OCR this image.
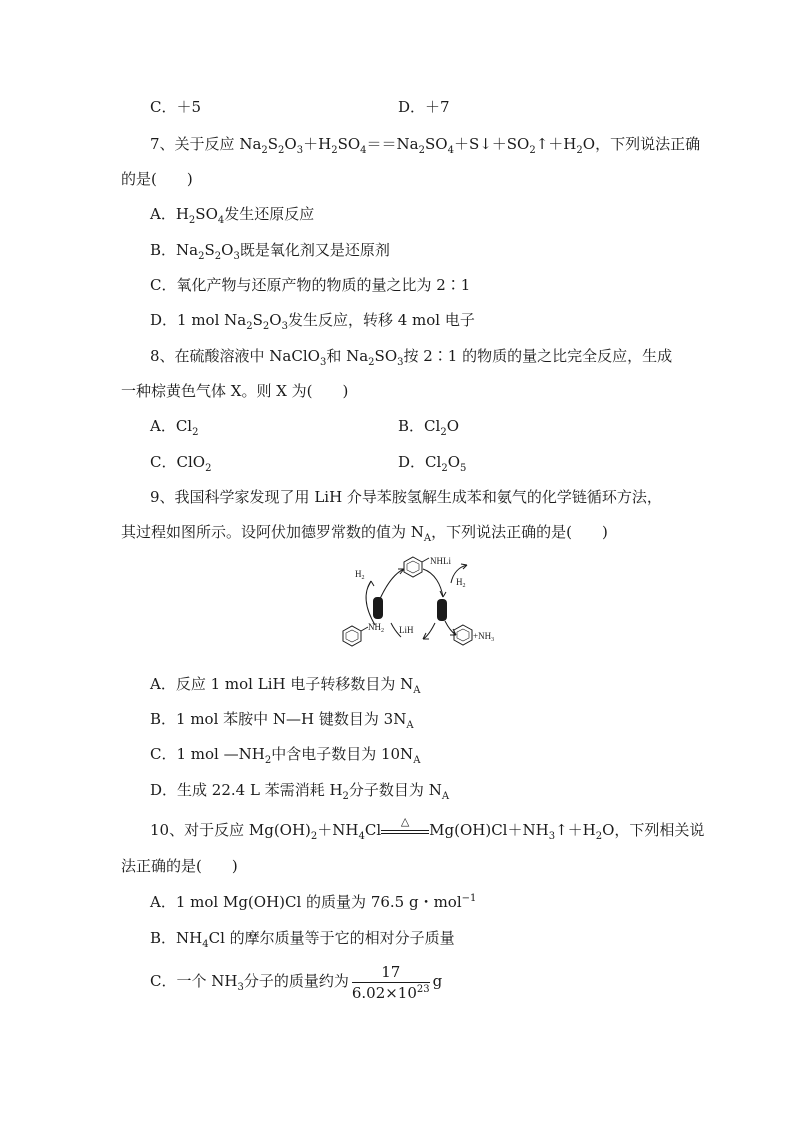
C．＋5	D．＋7
7、关于反应 $Na_2S_2O_3+H_2SO_4==Na_2SO_4+S↓+SO_2↑+H_2O$，下列说法正确
的是( )
A．$H_2SO_4$发生还原反应
B．$Na_2S_2O_3$既是氧化剂又是还原剂
C．氧化产物与还原产物的物质的量之比为 2∶1
D．1 mol $Na_2S_2O_3$发生反应，转移 4 mol 电子
8、在硫酸溶液中 NaClO$_3$和 $Na_2SO_3$按 2∶1 的物质的量之比完全反应，生成
一种棕黄色气体 X。则 X 为( )
A．$Cl_2$	B．$Cl_2O$
C．ClO$_2$	D．$Cl_2O_5$
9、我国科学家发现了用 LiH 介导苯胺氢解生成苯和氨气的化学链循环方法，
其过程如图所示。设阿伏加德罗常数的值为 $N_A$，下列说法正确的是( )
$H_2$	$H_2$
NHLi
$NH_2$ LiH
$+NH_3$
A．反应 1 mol LiH 电子转移数目为 $N_A$
B．1 mol 苯胺中 N—H 键数目为 $3N_A$
C．1 mol $—NH_2$中含电子数目为 $10N_A$
D．生成 22.4 L 苯需消耗 $H_2$分子数目为 $N_A$
10、对于反应 $Mg(OH)_2+NH_4Cl$	△	$Mg(OH)Cl+NH_3↑+H_2O$，下列相关说
法正确的是( )
A．1 mol Mg(OH)Cl 的质量为 76.5 g・mol$^{-1}$
B．$NH_4Cl$ 的摩尔质量等于它的相对分子质量
C．一个 $NH_3$分子的质量约为 $\frac{17}{6.02\times 10^{23}}$ g
